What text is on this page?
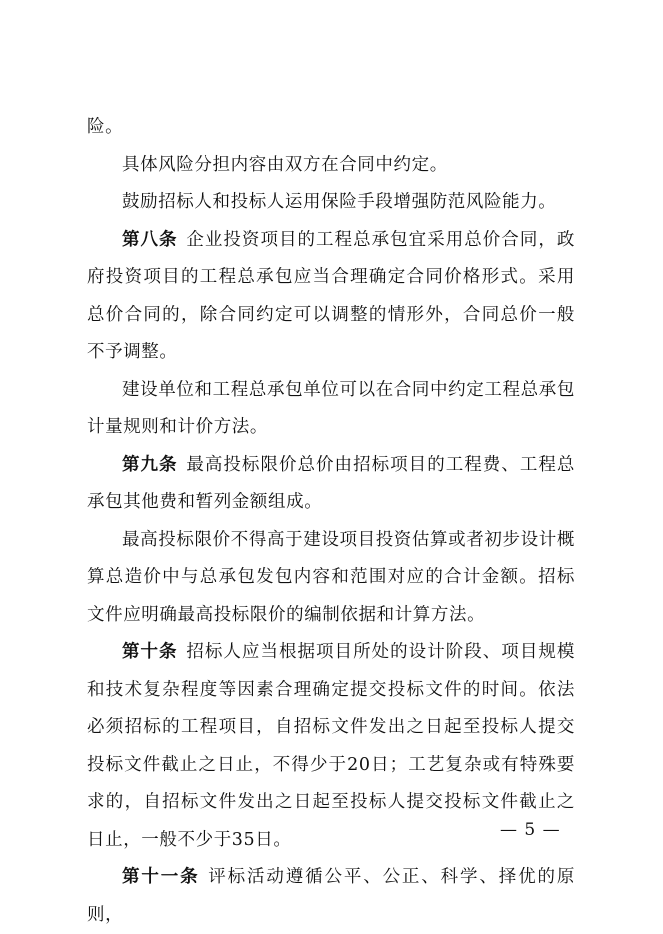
险。

具体风险分担内容由双方在合同中约定。

鼓励招标人和投标人运用保险手段增强防范风险能力。

第八条 企业投资项目的工程总承包宜采用总价合同，政府投资项目的工程总承包应当合理确定合同价格形式。采用总价合同的，除合同约定可以调整的情形外，合同总价一般不予调整。

建设单位和工程总承包单位可以在合同中约定工程总承包计量规则和计价方法。

第九条 最高投标限价总价由招标项目的工程费、工程总承包其他费和暂列金额组成。

最高投标限价不得高于建设项目投资估算或者初步设计概算总造价中与总承包发包内容和范围对应的合计金额。招标文件应明确最高投标限价的编制依据和计算方法。

第十条 招标人应当根据项目所处的设计阶段、项目规模和技术复杂程度等因素合理确定提交投标文件的时间。依法必须招标的工程项目，自招标文件发出之日起至投标人提交投标文件截止之日止，不得少于20日；工艺复杂或有特殊要求的，自招标文件发出之日起至投标人提交投标文件截止之日止，一般不少于35日。

第十一条 评标活动遵循公平、公正、科学、择优的原则，

— 5 —
